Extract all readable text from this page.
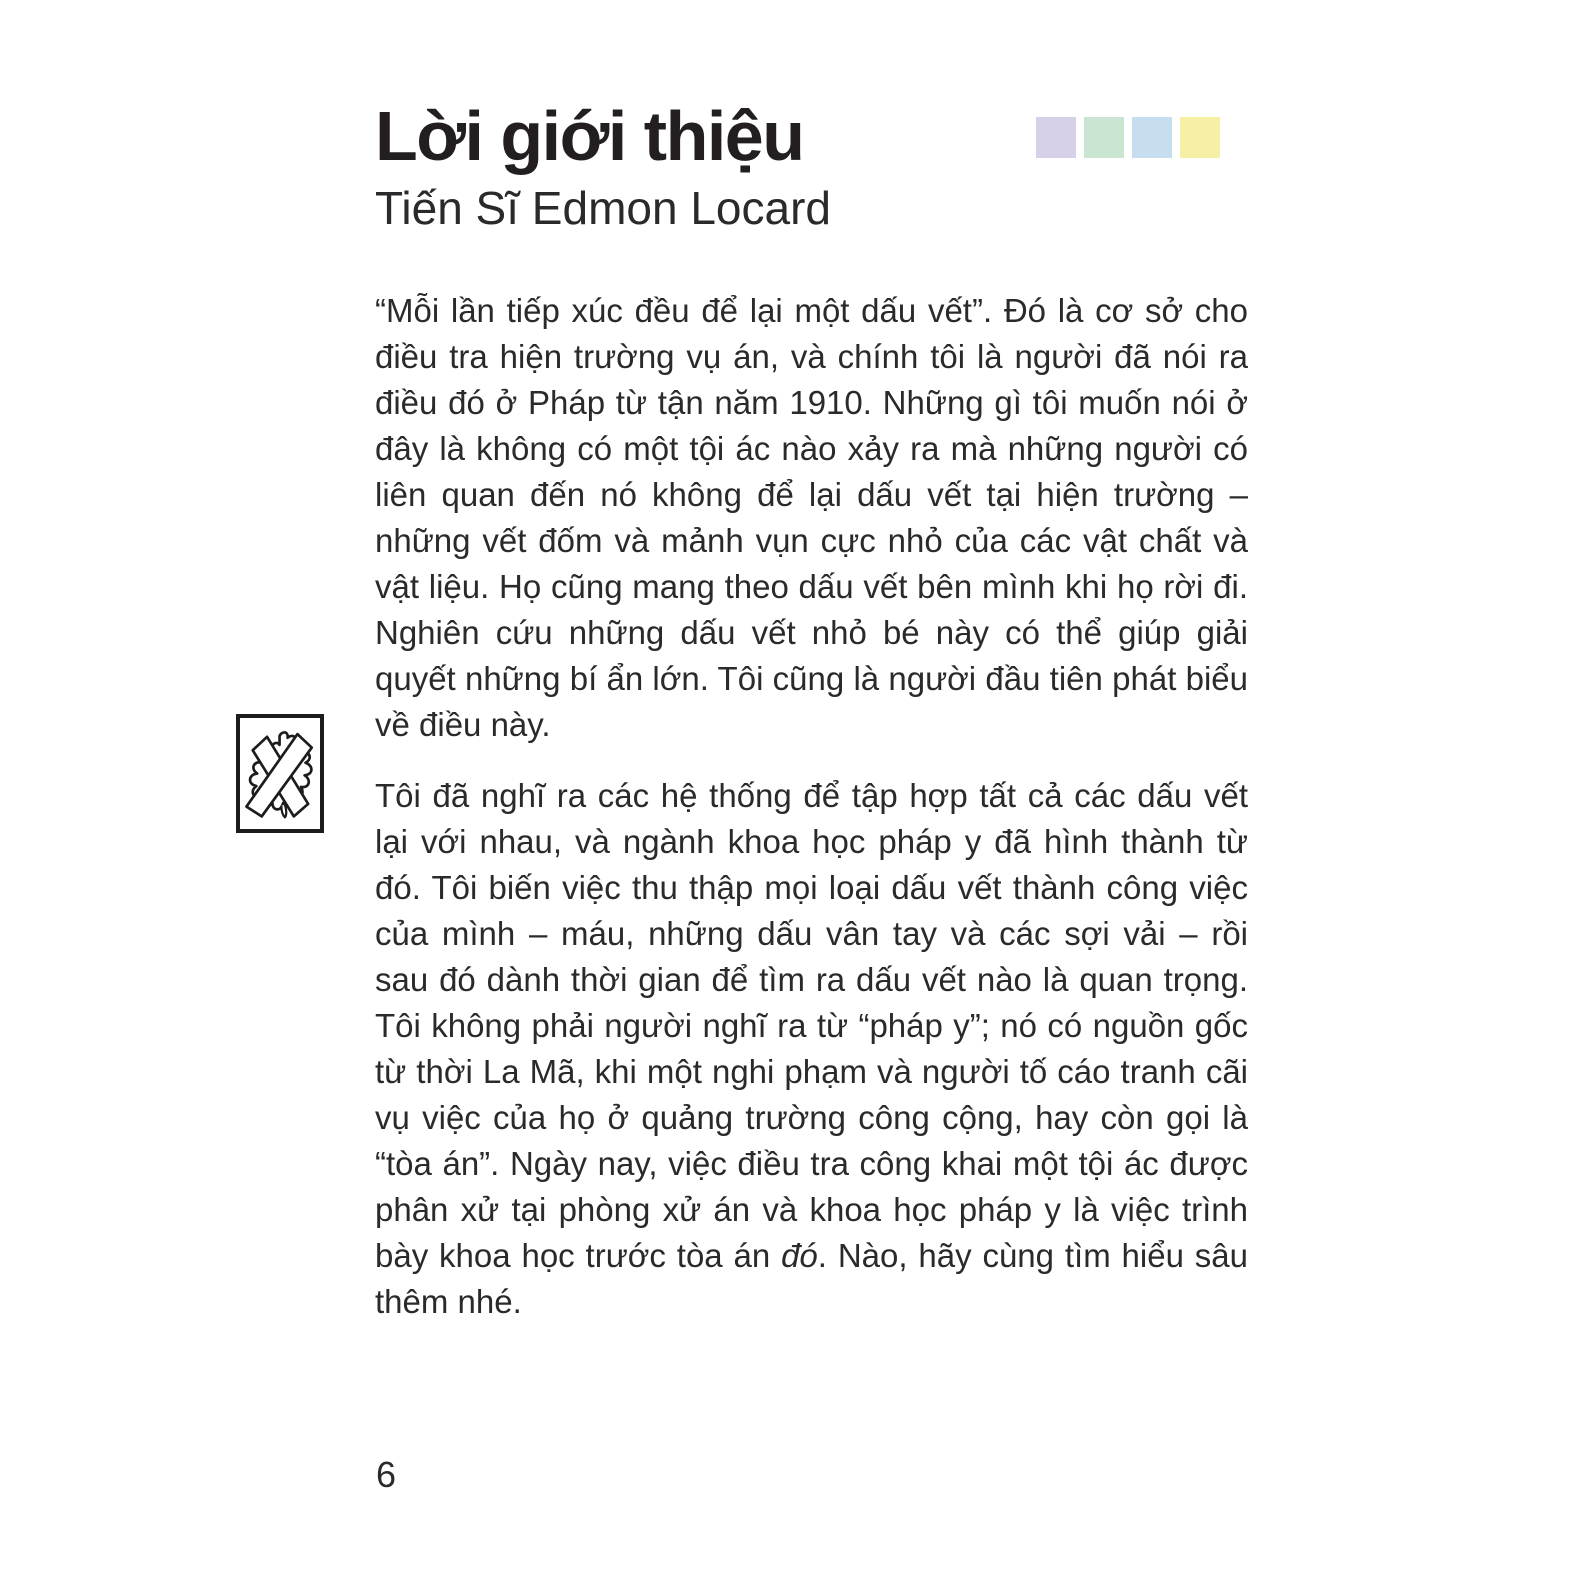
Lời giới thiệu
Tiến Sĩ Edmon Locard

“Mỗi lần tiếp xúc đều để lại một dấu vết”. Đó là cơ sở cho điều tra hiện trường vụ án, và chính tôi là người đã nói ra điều đó ở Pháp từ tận năm 1910. Những gì tôi muốn nói ở đây là không có một tội ác nào xảy ra mà những người có liên quan đến nó không để lại dấu vết tại hiện trường – những vết đốm và mảnh vụn cực nhỏ của các vật chất và vật liệu. Họ cũng mang theo dấu vết bên mình khi họ rời đi. Nghiên cứu những dấu vết nhỏ bé này có thể giúp giải quyết những bí ẩn lớn. Tôi cũng là người đầu tiên phát biểu về điều này.

Tôi đã nghĩ ra các hệ thống để tập hợp tất cả các dấu vết lại với nhau, và ngành khoa học pháp y đã hình thành từ đó. Tôi biến việc thu thập mọi loại dấu vết thành công việc của mình – máu, những dấu vân tay và các sợi vải – rồi sau đó dành thời gian để tìm ra dấu vết nào là quan trọng. Tôi không phải người nghĩ ra từ “pháp y”; nó có nguồn gốc từ thời La Mã, khi một nghi phạm và người tố cáo tranh cãi vụ việc của họ ở quảng trường công cộng, hay còn gọi là “tòa án”. Ngày nay, việc điều tra công khai một tội ác được phân xử tại phòng xử án và khoa học pháp y là việc trình bày khoa học trước tòa án đó. Nào, hãy cùng tìm hiểu sâu thêm nhé.

6
